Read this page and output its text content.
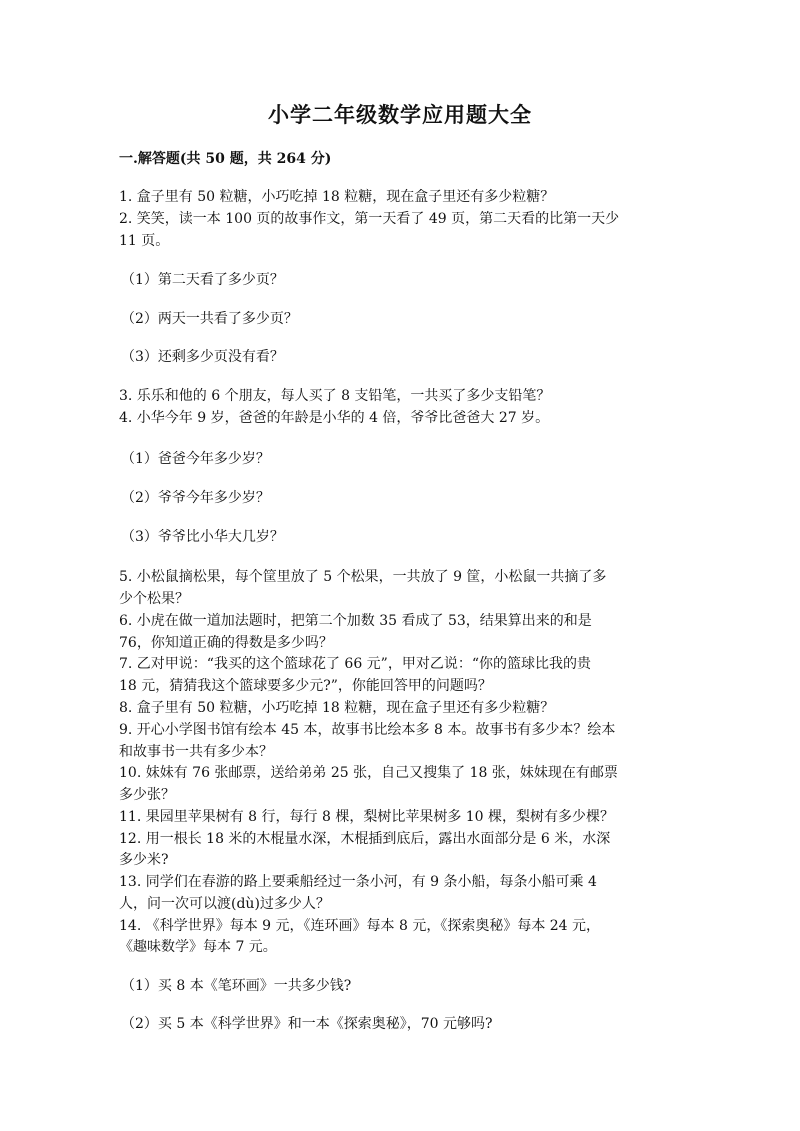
小学二年级数学应用题大全
一.解答题(共 50 题，共 264 分)
1. 盒子里有 50 粒糖，小巧吃掉 18 粒糖，现在盒子里还有多少粒糖？
2. 笑笑，读一本 100 页的故事作文，第一天看了 49 页，第二天看的比第一天少
11 页。
（1）第二天看了多少页？
（2）两天一共看了多少页？
（3）还剩多少页没有看？
3. 乐乐和他的 6 个朋友，每人买了 8 支铅笔，一共买了多少支铅笔？
4. 小华今年 9 岁，爸爸的年龄是小华的 4 倍，爷爷比爸爸大 27 岁。
（1）爸爸今年多少岁？
（2）爷爷今年多少岁？
（3）爷爷比小华大几岁？
5. 小松鼠摘松果，每个筐里放了 5 个松果，一共放了 9 筐，小松鼠一共摘了多
少个松果？
6. 小虎在做一道加法题时，把第二个加数 35 看成了 53，结果算出来的和是
76，你知道正确的得数是多少吗？
7. 乙对甲说：“我买的这个篮球花了 66 元”，甲对乙说：“你的篮球比我的贵
18 元，猜猜我这个篮球要多少元?”，你能回答甲的问题吗？
8. 盒子里有 50 粒糖，小巧吃掉 18 粒糖，现在盒子里还有多少粒糖？
9. 开心小学图书馆有绘本 45 本，故事书比绘本多 8 本。故事书有多少本？绘本
和故事书一共有多少本？
10. 妹妹有 76 张邮票，送给弟弟 25 张，自己又搜集了 18 张，妹妹现在有邮票
多少张？
11. 果园里苹果树有 8 行，每行 8 棵，梨树比苹果树多 10 棵，梨树有多少棵？
12. 用一根长 18 米的木棍量水深，木棍插到底后，露出水面部分是 6 米，水深
多少米?
13. 同学们在春游的路上要乘船经过一条小河，有 9 条小船，每条小船可乘 4
人，问一次可以渡(dù)过多少人？
14. 《科学世界》每本 9 元，《连环画》每本 8 元，《探索奥秘》每本 24 元，
《趣味数学》每本 7 元。
（1）买 8 本《笔环画》一共多少钱?
（2）买 5 本《科学世界》和一本《探索奥秘》，70 元够吗?
